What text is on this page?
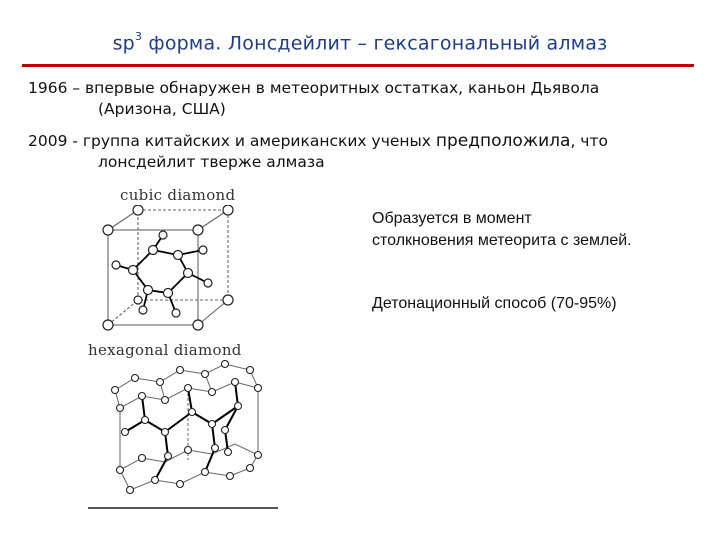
$sp^3$ форма. Лонсдейлит – гексагональный алмаз
1966 – впервые обнаружен в метеоритных остатках, каньон Дьявола
(Аризона, США)
2009 - группа китайских и американских ученых предположила, что
лонсдейлит тверже алмаза
cubic diamond
hexagonal diamond
Образуется в момент
столкновения метеорита с землей.
Детонационный способ (70-95%)
